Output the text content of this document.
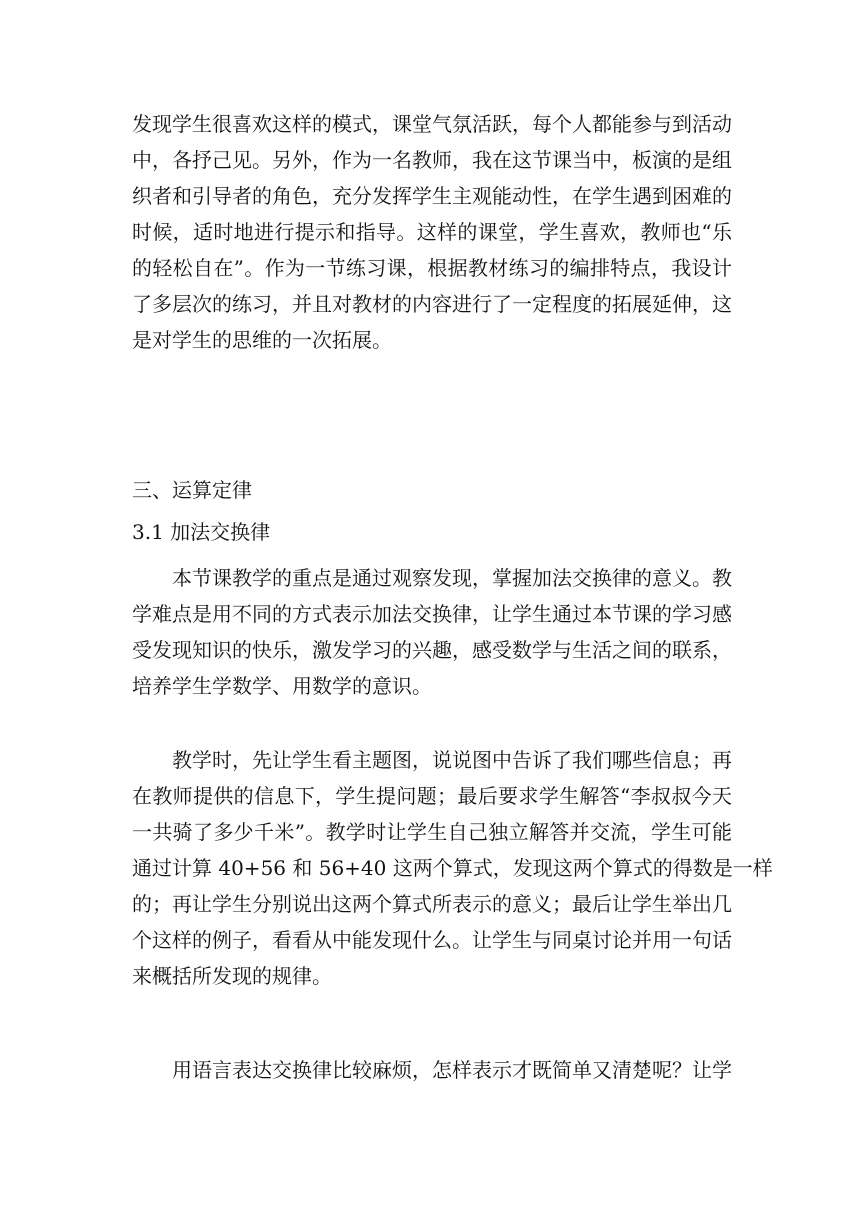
发现学生很喜欢这样的模式，课堂气氛活跃，每个人都能参与到活动
中，各抒己见。另外，作为一名教师，我在这节课当中，板演的是组
织者和引导者的角色，充分发挥学生主观能动性，在学生遇到困难的
时候，适时地进行提示和指导。这样的课堂，学生喜欢，教师也“乐
的轻松自在”。作为一节练习课，根据教材练习的编排特点，我设计
了多层次的练习，并且对教材的内容进行了一定程度的拓展延伸，这
是对学生的思维的一次拓展。
三、运算定律
3.1 加法交换律
本节课教学的重点是通过观察发现，掌握加法交换律的意义。教
学难点是用不同的方式表示加法交换律，让学生通过本节课的学习感
受发现知识的快乐，激发学习的兴趣，感受数学与生活之间的联系，
培养学生学数学、用数学的意识。
教学时，先让学生看主题图，说说图中告诉了我们哪些信息；再
在教师提供的信息下，学生提问题；最后要求学生解答“李叔叔今天
一共骑了多少千米”。教学时让学生自己独立解答并交流，学生可能
通过计算 40+56 和 56+40 这两个算式，发现这两个算式的得数是一样
的；再让学生分别说出这两个算式所表示的意义；最后让学生举出几
个这样的例子，看看从中能发现什么。让学生与同桌讨论并用一句话
来概括所发现的规律。
用语言表达交换律比较麻烦，怎样表示才既简单又清楚呢？让学
